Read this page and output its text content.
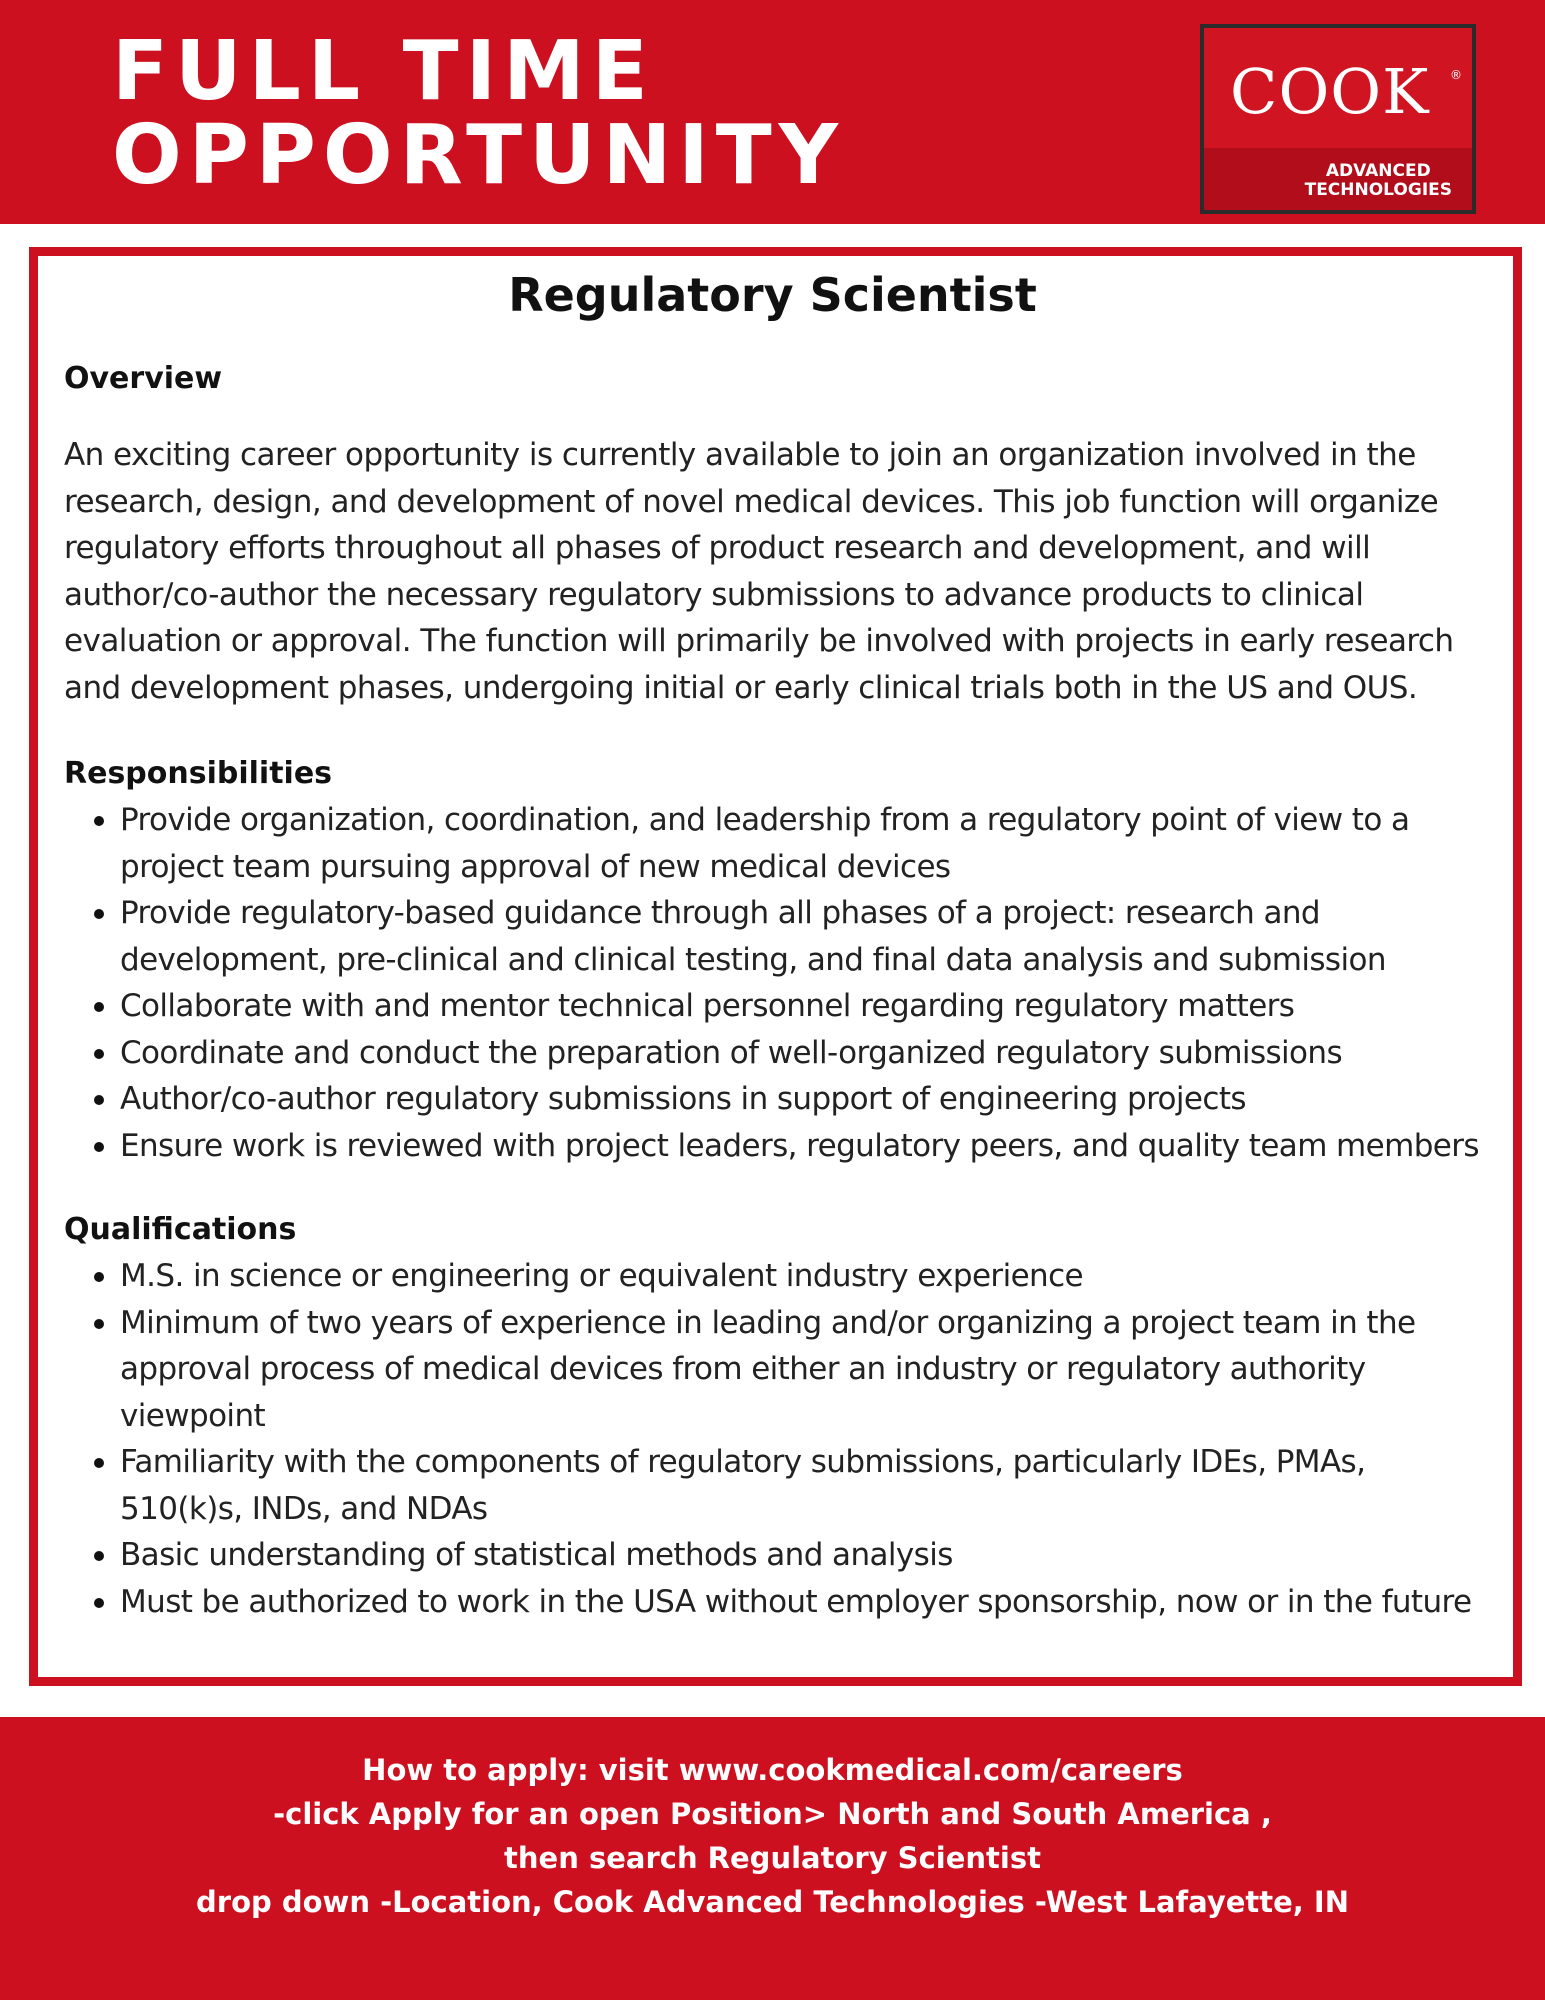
FULL TIME
OPPORTUNITY
COOK ®
ADVANCED
TECHNOLOGIES
Regulatory Scientist
Overview

An exciting career opportunity is currently available to join an organization involved in the research, design, and development of novel medical devices. This job function will organize regulatory efforts throughout all phases of product research and development, and will author/co-author the necessary regulatory submissions to advance products to clinical evaluation or approval. The function will primarily be involved with projects in early research and development phases, undergoing initial or early clinical trials both in the US and OUS.

Responsibilities
Provide organization, coordination, and leadership from a regulatory point of view to a project team pursuing approval of new medical devices
Provide regulatory-based guidance through all phases of a project: research and development, pre-clinical and clinical testing, and final data analysis and submission
Collaborate with and mentor technical personnel regarding regulatory matters
Coordinate and conduct the preparation of well-organized regulatory submissions
Author/co-author regulatory submissions in support of engineering projects
Ensure work is reviewed with project leaders, regulatory peers, and quality team members
Qualifications
M.S. in science or engineering or equivalent industry experience
Minimum of two years of experience in leading and/or organizing a project team in the approval process of medical devices from either an industry or regulatory authority viewpoint
Familiarity with the components of regulatory submissions, particularly IDEs, PMAs, 510(k)s, INDs, and NDAs
Basic understanding of statistical methods and analysis
Must be authorized to work in the USA without employer sponsorship, now or in the future

How to apply: visit www.cookmedical.com/careers
-click Apply for an open Position> North and South America ,
then search Regulatory Scientist
drop down -Location, Cook Advanced Technologies -West Lafayette, IN
